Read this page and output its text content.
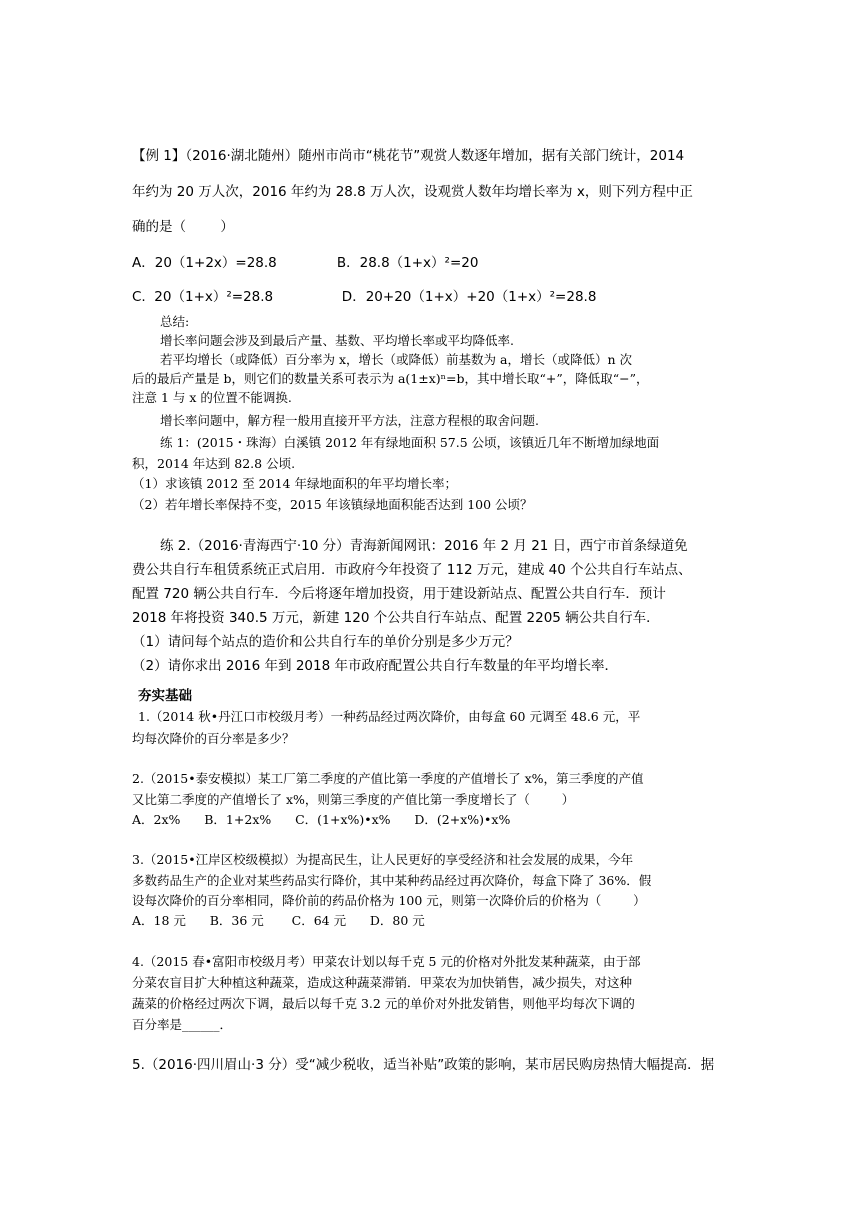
【例 1】（2016·湖北随州）随州市尚市“桃花节”观赏人数逐年增加，据有关部门统计，2014
年约为 20 万人次，2016 年约为 28.8 万人次，设观赏人数年均增长率为 x，则下列方程中正
确的是（        ）
A．20（1+2x）=28.8              B．28.8（1+x）²=20
C.  20（1+x）²=28.8                D．20+20（1+x）+20（1+x）²=28.8
总结:
增长率问题会涉及到最后产量、基数、平均增长率或平均降低率.
若平均增长（或降低）百分率为 x，增长（或降低）前基数为 a，增长（或降低）n 次
后的最后产量是 b，则它们的数量关系可表示为 a(1±x)ⁿ=b，其中增长取“+”，降低取“−”，
注意 1 与 x 的位置不能调换.
增长率问题中，解方程一般用直接开平方法，注意方程根的取舍问题.
练 1：(2015・珠海）白溪镇 2012 年有绿地面积 57.5 公顷，该镇近几年不断增加绿地面
积，2014 年达到 82.8 公顷.
（1）求该镇 2012 至 2014 年绿地面积的年平均增长率；
（2）若年增长率保持不变，2015 年该镇绿地面积能否达到 100 公顷？
练 2.（2016·青海西宁·10 分）青海新闻网讯：2016 年 2 月 21 日，西宁市首条绿道免
费公共自行车租赁系统正式启用．市政府今年投资了 112 万元，建成 40 个公共自行车站点、
配置 720 辆公共自行车．今后将逐年增加投资，用于建设新站点、配置公共自行车．预计
2018 年将投资 340.5 万元，新建 120 个公共自行车站点、配置 2205 辆公共自行车．
（1）请问每个站点的造价和公共自行车的单价分别是多少万元？
（2）请你求出 2016 年到 2018 年市政府配置公共自行车数量的年平均增长率．
夯实基础
1.（2014 秋•丹江口市校级月考）一种药品经过两次降价，由每盒 60 元调至 48.6 元，平
均每次降价的百分率是多少？
2.（2015•泰安模拟）某工厂第二季度的产值比第一季度的产值增长了 x%，第三季度的产值
又比第二季度的产值增长了 x%，则第三季度的产值比第一季度增长了（        ）
A．2x%      B．1+2x%      C．(1+x%)•x%      D．(2+x%)•x%
3.（2015•江岸区校级模拟）为提高民生，让人民更好的享受经济和社会发展的成果，今年
多数药品生产的企业对某些药品实行降价，其中某种药品经过再次降价，每盒下降了 36%．假
设每次降价的百分率相同，降价前的药品价格为 100 元，则第一次降价后的价格为（        ）
A．18 元      B．36 元       C．64 元      D．80 元
4.（2015 春•富阳市校级月考）甲菜农计划以每千克 5 元的价格对外批发某种蔬菜，由于部
分菜农盲目扩大种植这种蔬菜，造成这种蔬菜滞销．甲菜农为加快销售，减少损失，对这种
蔬菜的价格经过两次下调，最后以每千克 3.2 元的单价对外批发销售，则他平均每次下调的
百分率是______．
5.（2016·四川眉山·3 分）受“减少税收，适当补贴”政策的影响，某市居民购房热情大幅提高．据
